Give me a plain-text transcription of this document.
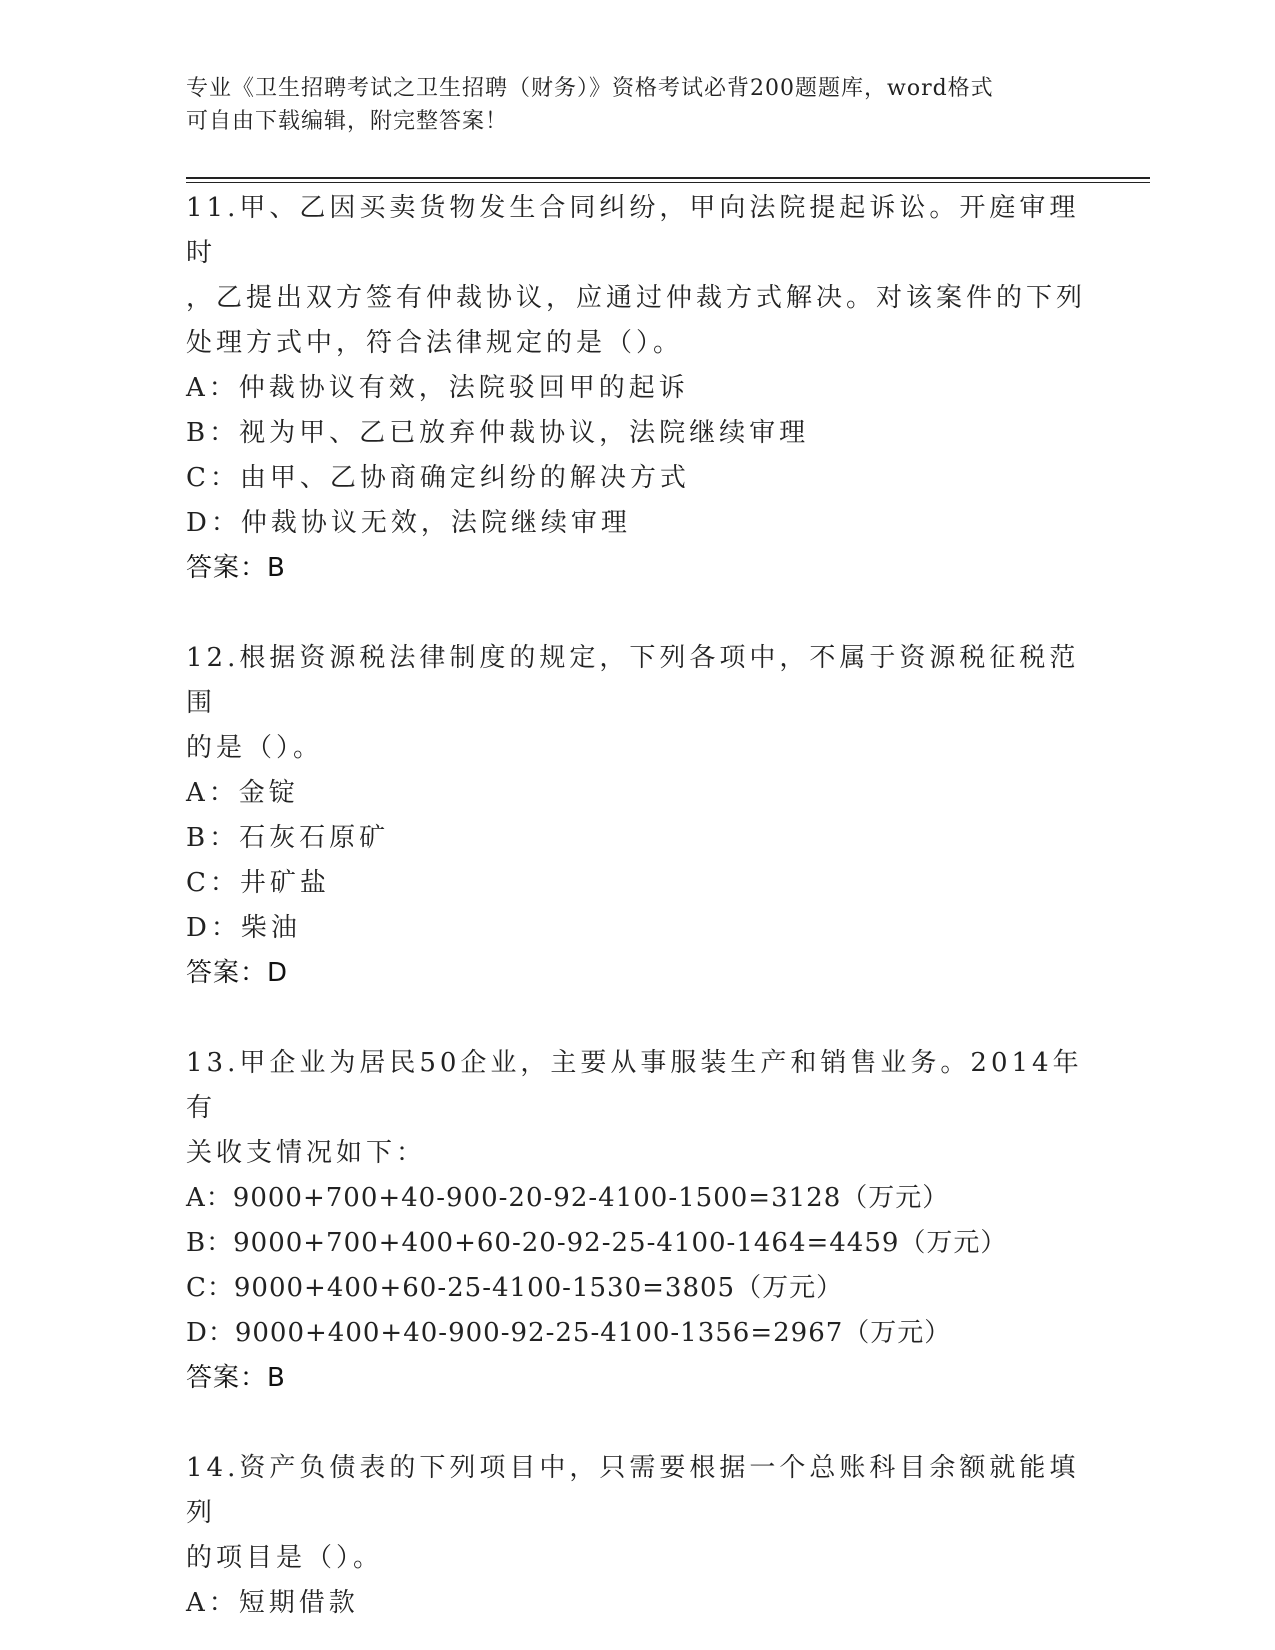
专业《卫生招聘考试之卫生招聘（财务）》资格考试必背200题题库，word格式
可自由下载编辑，附完整答案！

11.甲、乙因买卖货物发生合同纠纷，甲向法院提起诉讼。开庭审理时

，乙提出双方签有仲裁协议，应通过仲裁方式解决。对该案件的下列

处理方式中，符合法律规定的是（）。

A：仲裁协议有效，法院驳回甲的起诉

B：视为甲、乙已放弃仲裁协议，法院继续审理

C：由甲、乙协商确定纠纷的解决方式

D：仲裁协议无效，法院继续审理

答案：B

12.根据资源税法律制度的规定，下列各项中，不属于资源税征税范围

的是（）。

A：金锭

B：石灰石原矿

C：井矿盐

D：柴油

答案：D

13.甲企业为居民50企业，主要从事服装生产和销售业务。2014年有

关收支情况如下：

A：9000+700+40-900-20-92-4100-1500=3128（万元）

B：9000+700+400+60-20-92-25-4100-1464=4459（万元）

C：9000+400+60-25-4100-1530=3805（万元）

D：9000+400+40-900-92-25-4100-1356=2967（万元）

答案：B

14.资产负债表的下列项目中，只需要根据一个总账科目余额就能填列

的项目是（）。

A：短期借款
